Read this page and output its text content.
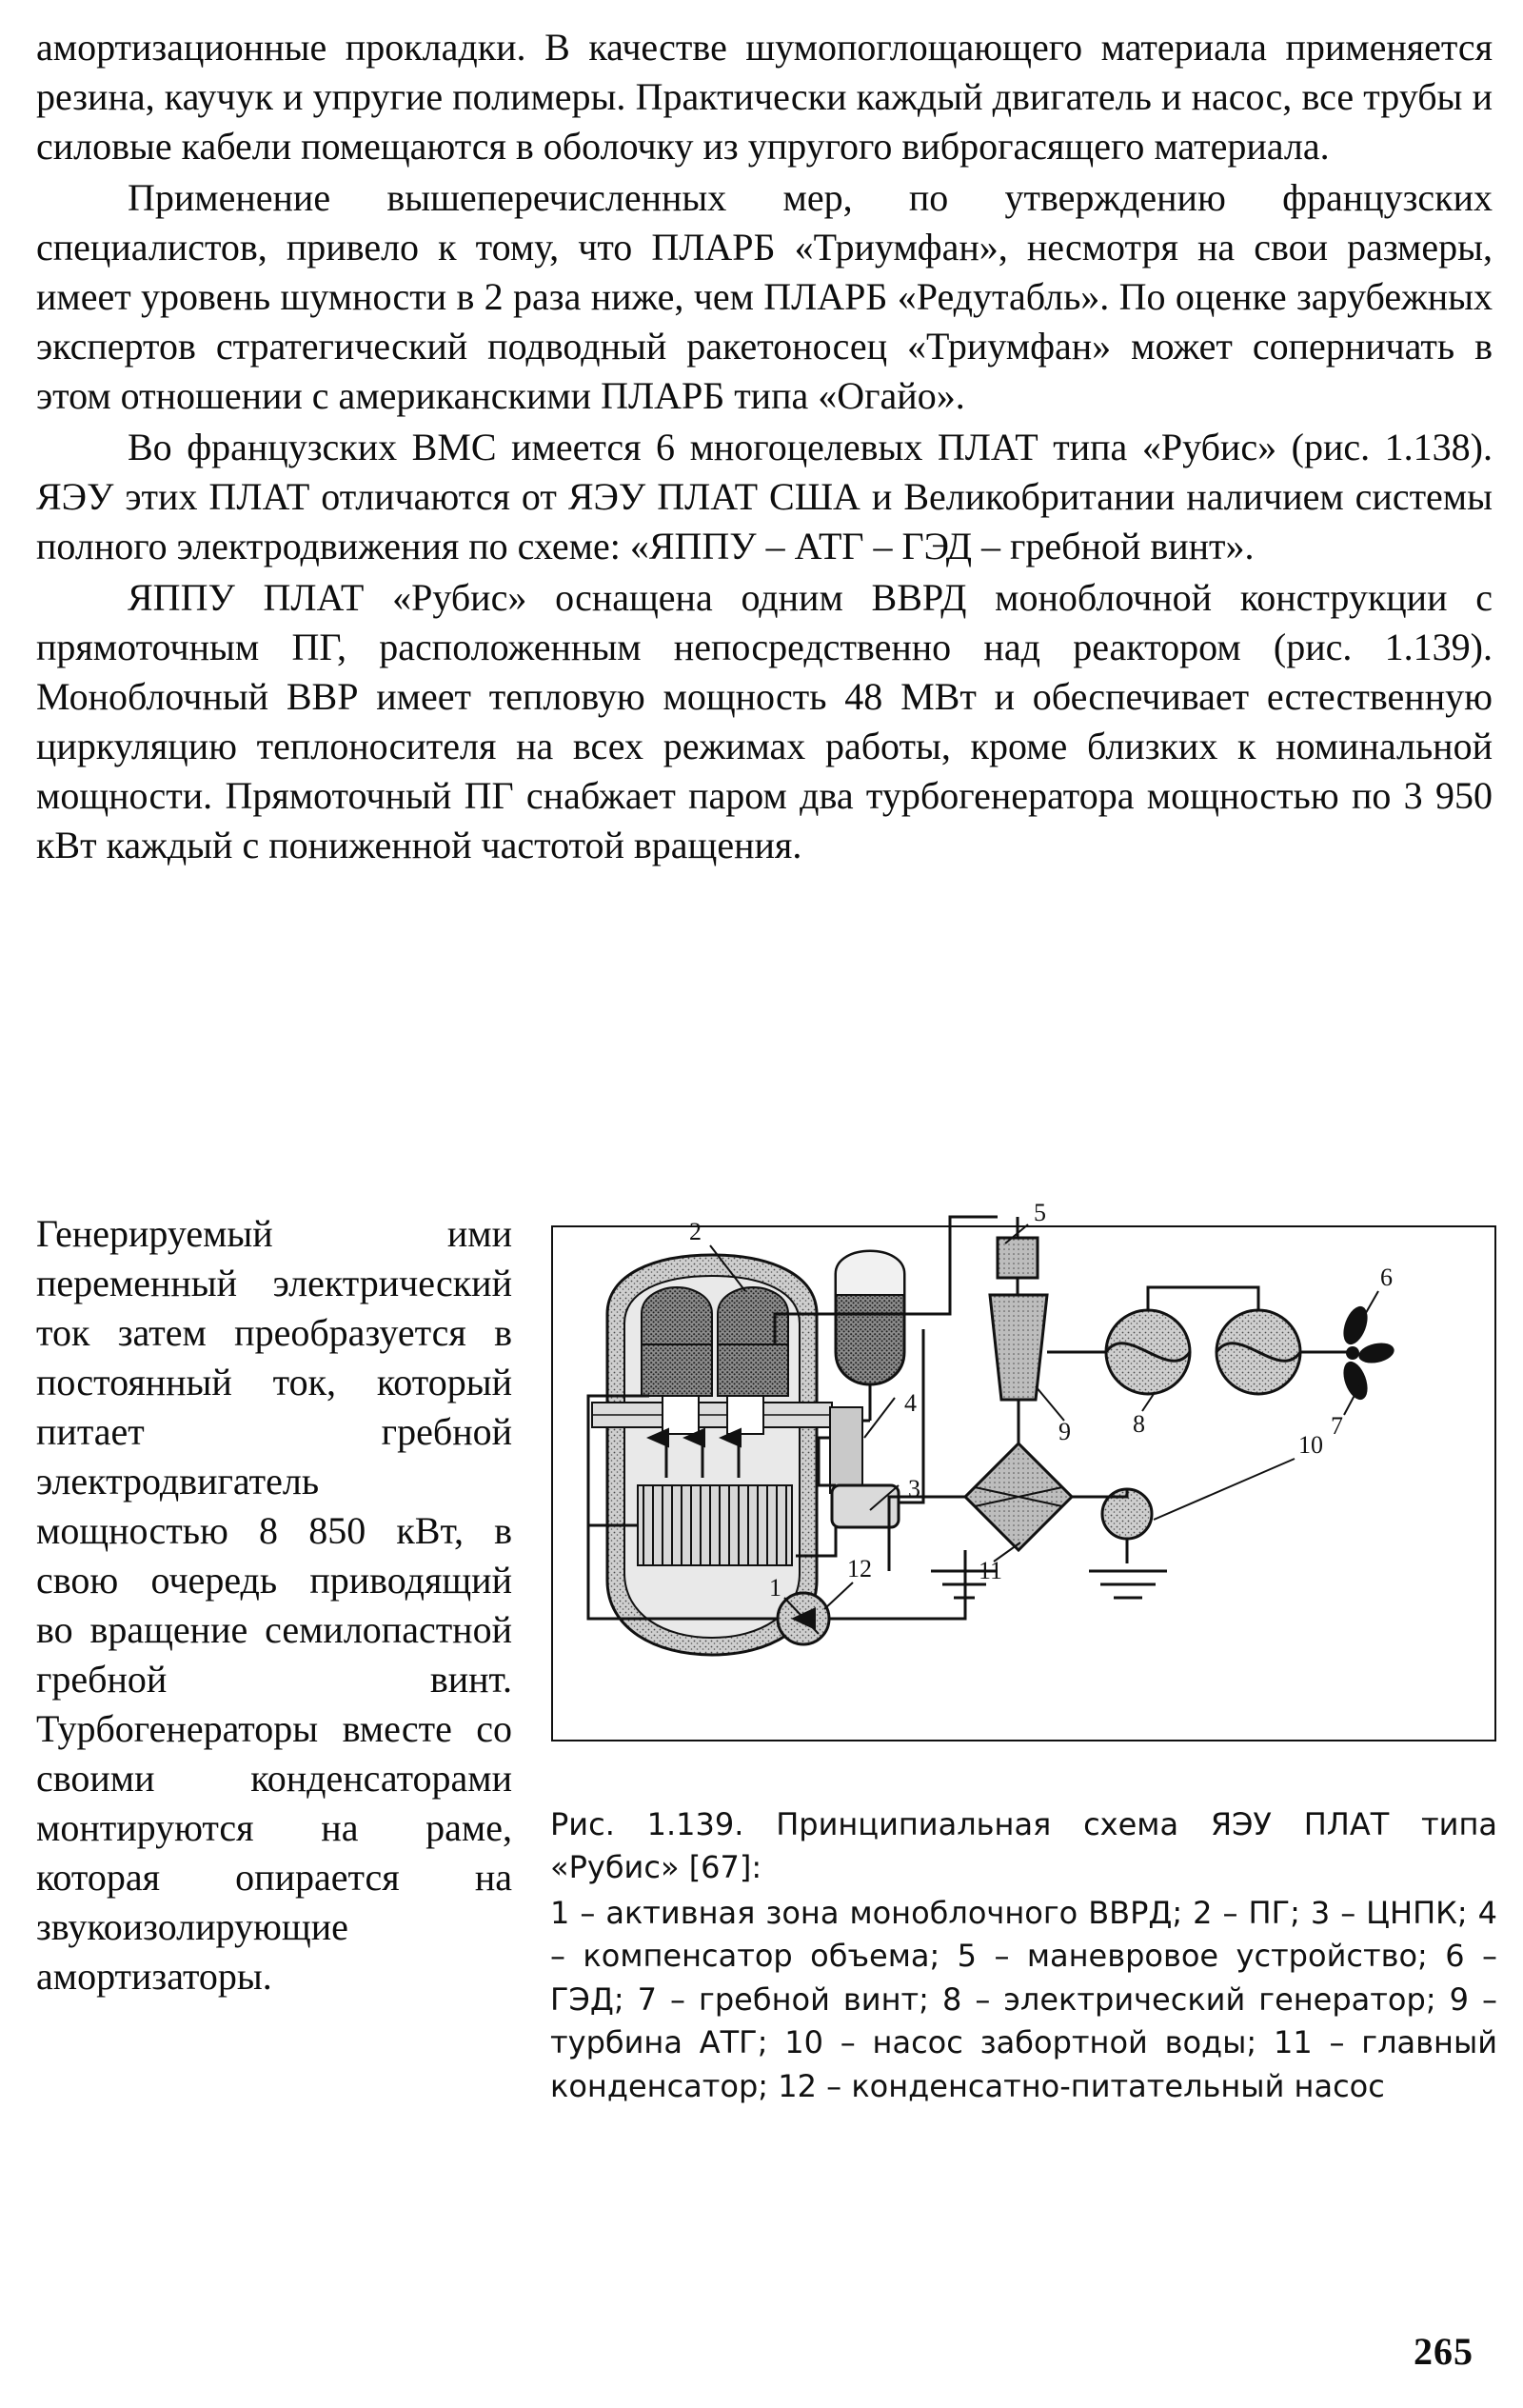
амортизационные прокладки. В качестве шумопоглощающего материала применяется резина, каучук и упругие полимеры. Практически каждый двигатель и насос, все трубы и силовые кабели помещаются в оболочку из упругого виброгасящего материала.

Применение вышеперечисленных мер, по утверждению французских специалистов, привело к тому, что ПЛАРБ «Триумфан», несмотря на свои размеры, имеет уровень шумности в 2 раза ниже, чем ПЛАРБ «Редутабль». По оценке зарубежных экспертов стратегический подводный ракетоносец «Триумфан» может соперничать в этом отношении с американскими ПЛАРБ типа «Огайо».

Во французских ВМС имеется 6 многоцелевых ПЛАТ типа «Рубис» (рис. 1.138). ЯЭУ этих ПЛАТ отличаются от ЯЭУ ПЛАТ США и Великобритании наличием системы полного электродвижения по схеме: «ЯППУ – АТГ – ГЭД – гребной винт».

ЯППУ ПЛАТ «Рубис» оснащена одним ВВРД моноблочной конструкции с прямоточным ПГ, расположенным непосредственно над реактором (рис. 1.139). Моноблочный ВВР имеет тепловую мощность 48 МВт и обеспечивает естественную циркуляцию теплоносителя на всех режимах работы, кроме близких к номинальной мощности. Прямоточный ПГ снабжает паром два турбогенератора мощностью по 3 950 кВт каждый с пониженной частотой вращения.

Генерируемый ими переменный электрический ток затем преобразуется в постоянный ток, который питает гребной электродвигатель мощностью 8 850 кВт, в свою очередь приводящий во вращение семилопастной гребной винт. Турбогенераторы вместе со своими конденсаторами монтируются на раме, которая опирается на звукоизолирующие амортизаторы.

2
4
3
1
5
9	8
6
7
10
11
12
Рис. 1.139. Принципиальная схема ЯЭУ ПЛАТ типа «Рубис» [67]:
1 – активная зона моноблочного ВВРД; 2 – ПГ; 3 – ЦНПК; 4 – компенсатор объема; 5 – маневровое устройство; 6 – ГЭД; 7 – гребной винт; 8 – электрический генератор; 9 – турбина АТГ; 10 – насос забортной воды; 11 – главный конденсатор; 12 – конденсатно-питательный насос
265
